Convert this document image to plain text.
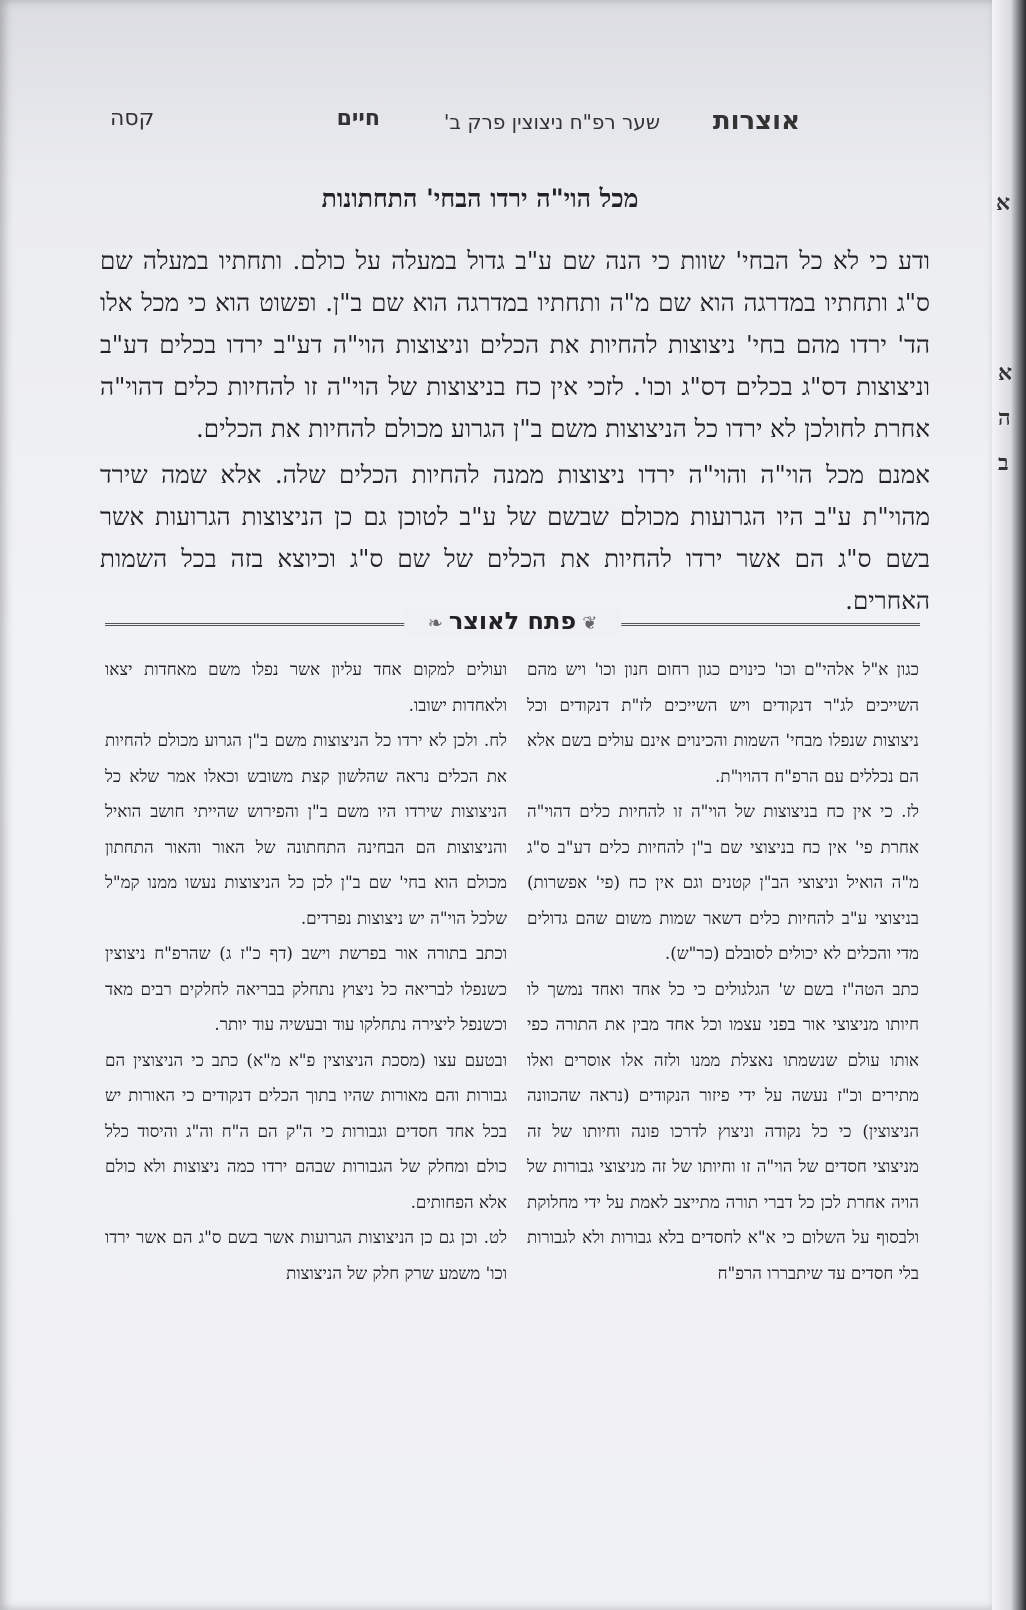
אוצרות
שער רפ"ח ניצוצין פרק ב'
חיים
קסה
מכל הוי"ה ירדו הבחי' התחתונות

ודע כי לא כל הבחי' שוות כי הנה שם ע"ב גדול במעלה על כולם. ותחתיו במעלה שם ס"ג ותחתיו במדרגה הוא שם מ"ה ותחתיו במדרגה הוא שם ב"ן. ופשוט הוא כי מכל אלו הד' ירדו מהם בחי' ניצוצות להחיות את הכלים וניצוצות הוי"ה דע"ב ירדו בכלים דע"ב וניצוצות דס"ג בכלים דס"ג וכו'. לזכי אין כח בניצוצות של הוי"ה זו להחיות כלים דהוי"ה אחרת לחולכן לא ירדו כל הניצוצות משם ב"ן הגרוע מכולם להחיות את הכלים.

אמנם מכל הוי"ה והוי"ה ירדו ניצוצות ממנה להחיות הכלים שלה. אלא שמה שירד מהוי"ת ע"ב היו הגרועות מכולם שבשם של ע"ב לטוכן גם כן הניצוצות הגרועות אשר בשם ס"ג הם אשר ירדו להחיות את הכלים של שם ס"ג וכיוצא בזה בכל השמות האחרים.

❦פתח לאוצר❧

כגון א"ל אלהי"ם וכו' כינוים כגון רחום חנון וכו' ויש מהם השייכים לג"ר דנקודים ויש השייכים לז"ת דנקודים וכל ניצוצות שנפלו מבחי' השמות והכינוים אינם עולים בשם אלא הם נכללים עם הרפ"ח דהויו"ת.

לז. כי אין כח בניצוצות של הוי"ה זו להחיות כלים דהוי"ה אחרת פי' אין כח בניצוצי שם ב"ן להחיות כלים דע"ב ס"ג מ"ה הואיל וניצוצי הב"ן קטנים וגם אין כח (פי' אפשרות) בניצוצי ע"ב להחיות כלים דשאר שמות משום שהם גדולים מדי והכלים לא יכולים לסובלם (כר"ש).

כתב הטה"ז בשם ש' הגלגולים כי כל אחד ואחד נמשך לו חיותו מניצוצי אור בפני עצמו וכל אחד מבין את התורה כפי אותו עולם שנשמתו נאצלת ממנו ולזה אלו אוסרים ואלו מתירים וכ"ז נעשה על ידי פיזור הנקודים (נראה שהכוונה הניצוצין) כי כל נקודה וניצוץ לדרכו פונה וחיותו של זה מניצוצי חסדים של הוי"ה זו וחיותו של זה מניצוצי גבורות של הויה אחרת לכן כל דברי תורה מתייצב לאמת על ידי מחלוקת ולבסוף על השלום כי א"א לחסדים בלא גבורות ולא לגבורות בלי חסדים עד שיתבררו הרפ"ח

ועולים למקום אחד עליון אשר נפלו משם מאחדות יצאו ולאחדות ישובו.

לח. ולכן לא ירדו כל הניצוצות משם ב"ן הגרוע מכולם להחיות את הכלים נראה שהלשון קצת משובש וכאלו אמר שלא כל הניצוצות שירדו היו משם ב"ן והפירוש שהייתי חושב הואיל והניצוצות הם הבחינה התחתונה של האור והאור התחתון מכולם הוא בחי' שם ב"ן לכן כל הניצוצות נעשו ממנו קמ"ל שלכל הוי"ה יש ניצוצות נפרדים.

וכתב בתורה אור בפרשת וישב (דף כ"ז ג) שהרפ"ח ניצוצין כשנפלו לבריאה כל ניצוץ נתחלק בבריאה לחלקים רבים מאד וכשנפל ליצירה נתחלקו עוד ובעשיה עוד יותר.

ובטעם עצו (מסכת הניצוצין פ"א מ"א) כתב כי הניצוצין הם גבורות והם מאורות שהיו בתוך הכלים דנקודים כי האורות יש בכל אחד חסדים וגבורות כי ה"ק הם ה"ח וה"ג והיסוד כלל כולם ומחלק של הגבורות שבהם ירדו כמה ניצוצות ולא כולם אלא הפחותים.

לט. וכן גם כן הניצוצות הגרועות אשר בשם ס"ג הם אשר ירדו וכו' משמע שרק חלק של הניצוצות

א
א
ה
ב
